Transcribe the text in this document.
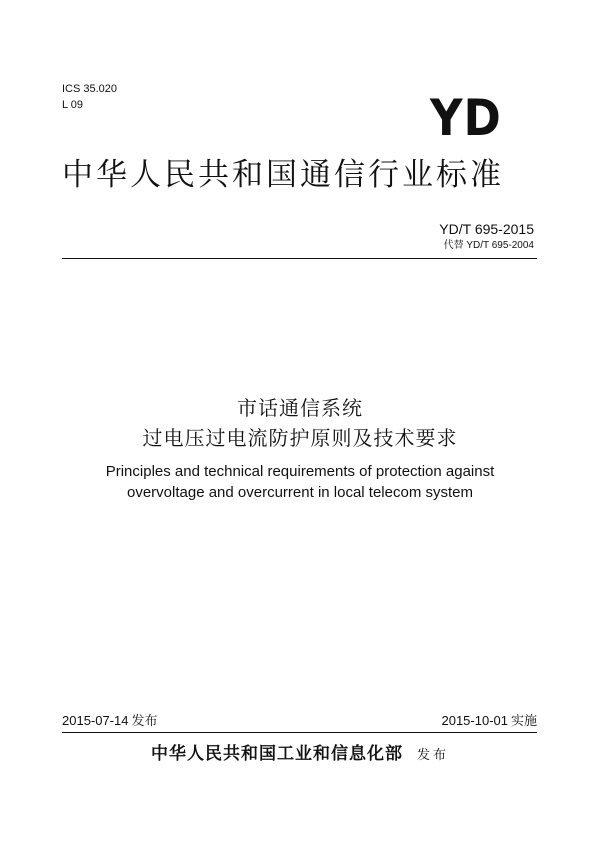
ICS 35.020
L 09	YD
中华人民共和国通信行业标准
YD/T 695-2015
代替 YD/T 695-2004
市话通信系统
过电压过电流防护原则及技术要求
Principles and technical requirements of protection against
overvoltage and overcurrent in local telecom system
2015-07-14 发布	2015-10-01 实施
中华人民共和国工业和信息化部 发布
